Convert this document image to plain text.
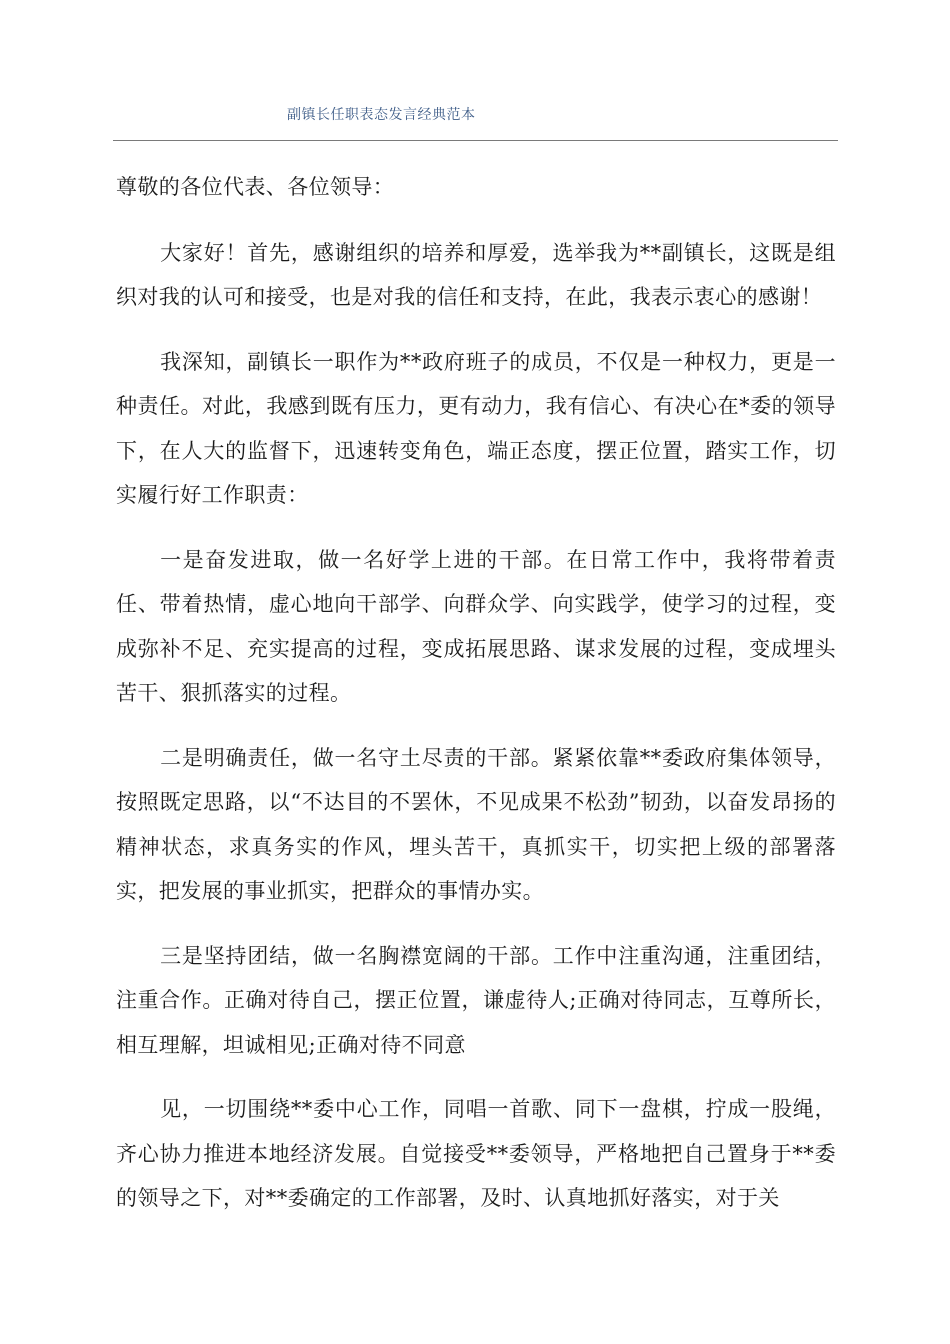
副镇长任职表态发言经典范本

尊敬的各位代表、各位领导：

大家好！首先，感谢组织的培养和厚爱，选举我为**副镇长，这既是组织对我的认可和接受，也是对我的信任和支持，在此，我表示衷心的感谢！

我深知，副镇长一职作为**政府班子的成员，不仅是一种权力，更是一种责任。对此，我感到既有压力，更有动力，我有信心、有决心在*委的领导下，在人大的监督下，迅速转变角色，端正态度，摆正位置，踏实工作，切实履行好工作职责：

一是奋发进取，做一名好学上进的干部。在日常工作中，我将带着责任、带着热情，虚心地向干部学、向群众学、向实践学，使学习的过程，变成弥补不足、充实提高的过程，变成拓展思路、谋求发展的过程，变成埋头苦干、狠抓落实的过程。

二是明确责任，做一名守土尽责的干部。紧紧依靠**委政府集体领导，按照既定思路，以“不达目的不罢休，不见成果不松劲”韧劲，以奋发昂扬的精神状态，求真务实的作风，埋头苦干，真抓实干，切实把上级的部署落实，把发展的事业抓实，把群众的事情办实。

三是坚持团结，做一名胸襟宽阔的干部。工作中注重沟通，注重团结，注重合作。正确对待自己，摆正位置，谦虚待人;正确对待同志，互尊所长，相互理解，坦诚相见;正确对待不同意

见，一切围绕**委中心工作，同唱一首歌、同下一盘棋，拧成一股绳，齐心协力推进本地经济发展。自觉接受**委领导，严格地把自己置身于**委的领导之下，对**委确定的工作部署，及时、认真地抓好落实，对于关
